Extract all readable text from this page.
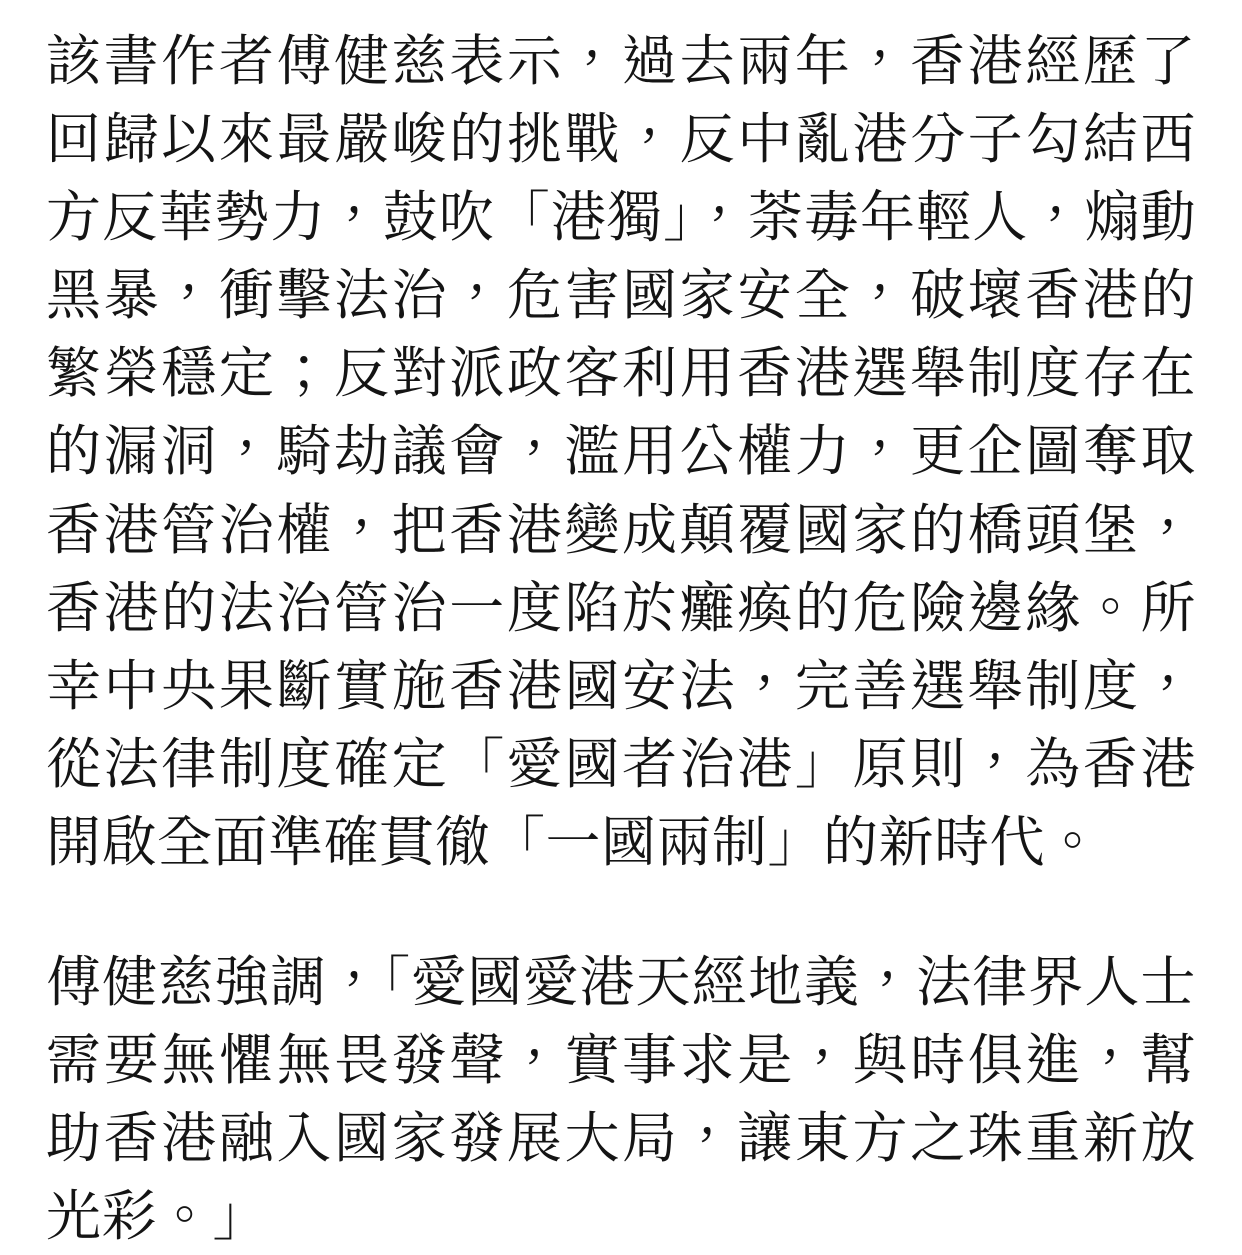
該書作者傅健慈表示，過去兩年，香港經歷了回歸以來最嚴峻的挑戰，反中亂港分子勾結西方反華勢力，鼓吹「港獨」，荼毒年輕人，煽動黑暴，衝擊法治，危害國家安全，破壞香港的繁榮穩定；反對派政客利用香港選舉制度存在的漏洞，騎劫議會，濫用公權力，更企圖奪取香港管治權，把香港變成顛覆國家的橋頭堡，香港的法治管治一度陷於癱瘓的危險邊緣。所幸中央果斷實施香港國安法，完善選舉制度，從法律制度確定「愛國者治港」原則，為香港開啟全面準確貫徹「一國兩制」的新時代。

傅健慈強調，「愛國愛港天經地義，法律界人士需要無懼無畏發聲，實事求是，與時俱進，幫助香港融入國家發展大局，讓東方之珠重新放光彩。」
